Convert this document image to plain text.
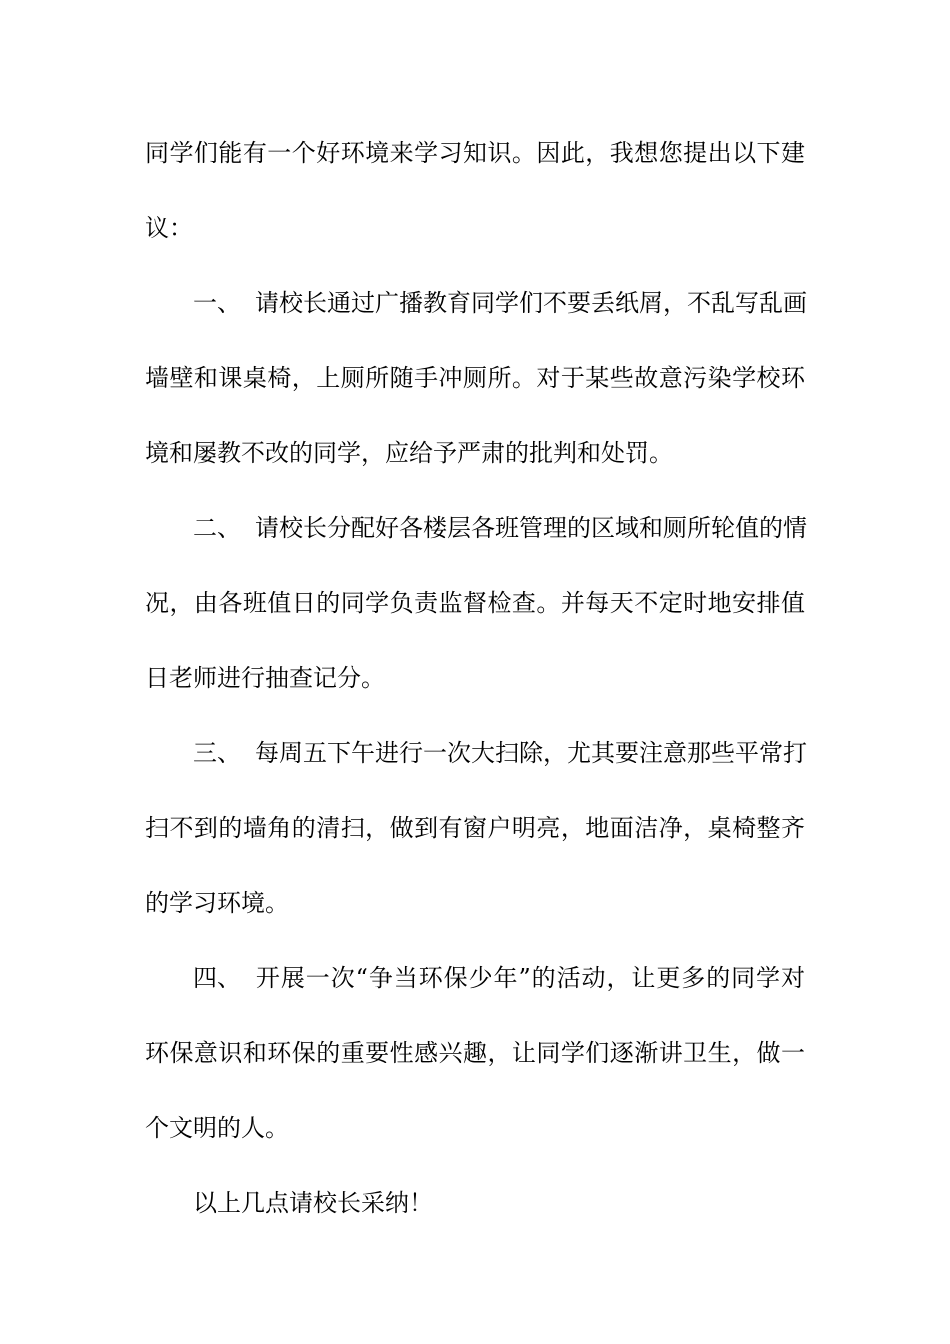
同学们能有一个好环境来学习知识。因此，我想您提出以下建
议：
一、 请校长通过广播教育同学们不要丢纸屑，不乱写乱画
墙壁和课桌椅，上厕所随手冲厕所。对于某些故意污染学校环
境和屡教不改的同学，应给予严肃的批判和处罚。
二、 请校长分配好各楼层各班管理的区域和厕所轮值的情
况，由各班值日的同学负责监督检查。并每天不定时地安排值
日老师进行抽查记分。
三、 每周五下午进行一次大扫除，尤其要注意那些平常打
扫不到的墙角的清扫，做到有窗户明亮，地面洁净，桌椅整齐
的学习环境。
四、 开展一次“争当环保少年”的活动，让更多的同学对
环保意识和环保的重要性感兴趣，让同学们逐渐讲卫生，做一
个文明的人。
以上几点请校长采纳！
